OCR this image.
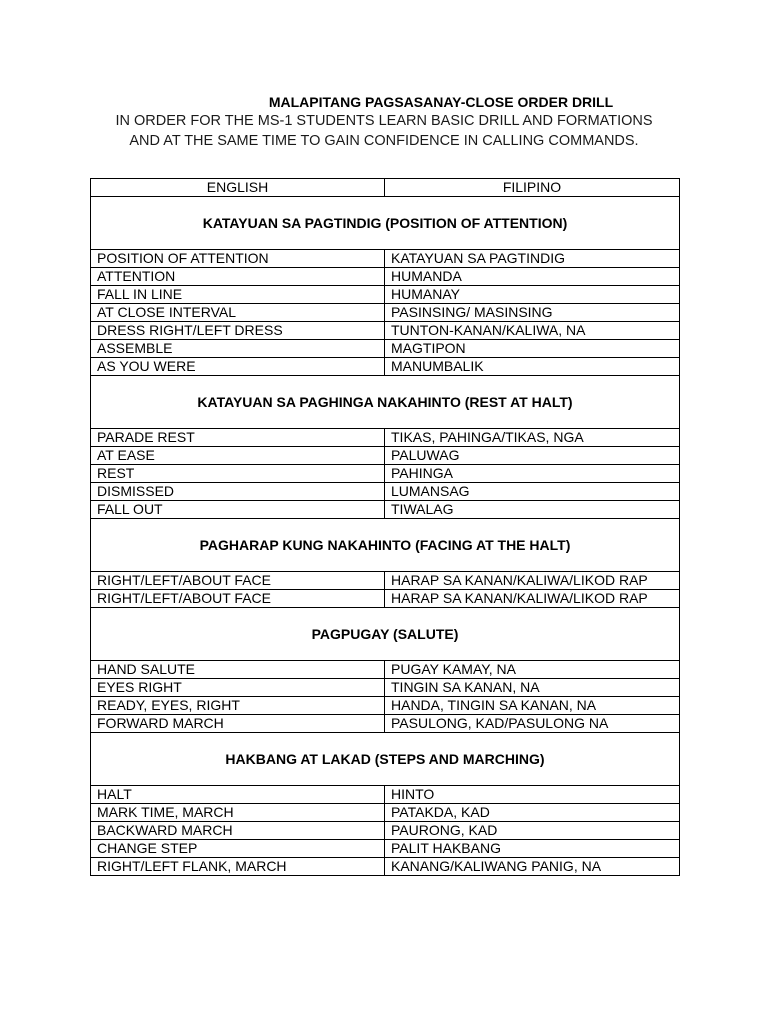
MALAPITANG PAGSASANAY-CLOSE ORDER DRILL
IN ORDER FOR THE MS-1 STUDENTS LEARN BASIC DRILL AND FORMATIONS
AND AT THE SAME TIME TO GAIN CONFIDENCE IN CALLING COMMANDS.
ENGLISH	FILIPINO
KATAYUAN SA PAGTINDIG (POSITION OF ATTENTION)	
POSITION OF ATTENTION	KATAYUAN SA PAGTINDIG
ATTENTION	HUMANDA
FALL IN LINE	HUMANAY
AT CLOSE INTERVAL	PASINSING/ MASINSING
DRESS RIGHT/LEFT DRESS	TUNTON-KANAN/KALIWA, NA
ASSEMBLE	MAGTIPON
AS YOU WERE	MANUMBALIK
KATAYUAN SA PAGHINGA NAKAHINTO (REST AT HALT)	
PARADE REST	TIKAS, PAHINGA/TIKAS, NGA
AT EASE	PALUWAG
REST	PAHINGA
DISMISSED	LUMANSAG
FALL OUT	TIWALAG
PAGHARAP KUNG NAKAHINTO (FACING AT THE HALT)	
RIGHT/LEFT/ABOUT FACE	HARAP SA KANAN/KALIWA/LIKOD RAP
RIGHT/LEFT/ABOUT FACE	HARAP SA KANAN/KALIWA/LIKOD RAP
PAGPUGAY (SALUTE)	
HAND SALUTE	PUGAY KAMAY, NA
EYES RIGHT	TINGIN SA KANAN, NA
READY, EYES, RIGHT	HANDA, TINGIN SA KANAN, NA
FORWARD MARCH	PASULONG, KAD/PASULONG NA
HAKBANG AT LAKAD (STEPS AND MARCHING)	
HALT	HINTO
MARK TIME, MARCH	PATAKDA, KAD
BACKWARD MARCH	PAURONG, KAD
CHANGE STEP	PALIT HAKBANG
RIGHT/LEFT FLANK, MARCH	KANANG/KALIWANG PANIG, NA
